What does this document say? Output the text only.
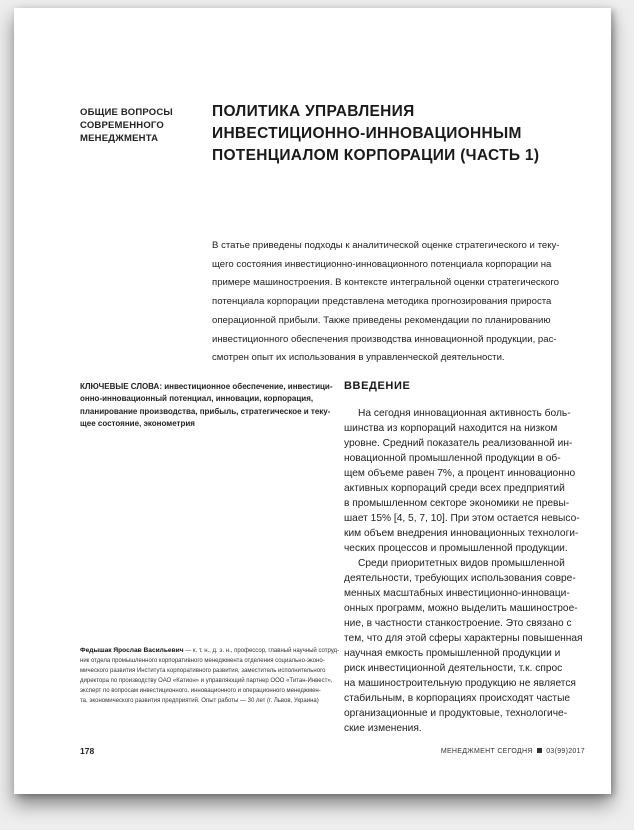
ОБЩИЕ ВОПРОСЫ
СОВРЕМЕННОГО
МЕНЕДЖМЕНТА
ПОЛИТИКА УПРАВЛЕНИЯ
ИНВЕСТИЦИОННО-ИННОВАЦИОННЫМ
ПОТЕНЦИАЛОМ КОРПОРАЦИИ (ЧАСТЬ 1)
В статье приведены подходы к аналитической оценке стратегического и теку-
щего состояния инвестиционно-инновационного потенциала корпорации на
примере машиностроения. В контексте интегральной оценки стратегического
потенциала корпорации представлена методика прогнозирования прироста
операционной прибыли. Также приведены рекомендации по планированию
инвестиционного обеспечения производства инновационной продукции, рас-
смотрен опыт их использования в управленческой деятельности.
КЛЮЧЕВЫЕ СЛОВА: инвестиционное обеспечение, инвестици-
онно-инновационный потенциал, инновации, корпорация,
планирование производства, прибыль, стратегическое и теку-
щее состояние, эконометрия
Федышак Ярослав Васильевич — к. т. н., д. э. н., профессор, главный научный сотруд-
ник отдела промышленного корпоративного менеджмента отделения социально-эконо-
мического развития Института корпоративного развития, заместитель исполнительного
директора по производству ОАО «Катион» и управляющий партнер ООО «Титан-Инвест»,
эксперт по вопросам инвестиционного, инновационного и операционного менеджмен-
та, экономического развития предприятий. Опыт работы — 30 лет (г. Львов, Украина)
ВВЕДЕНИЕ
На сегодня инновационная активность боль-
шинства из корпораций находится на низком
уровне. Средний показатель реализованной ин-
новационной промышленной продукции в об-
щем объеме равен 7%, а процент инновационно
активных корпораций среди всех предприятий
в промышленном секторе экономики не превы-
шает 15% [4, 5, 7, 10]. При этом остается невысо-
ким объем внедрения инновационных технологи-
ческих процессов и промышленной продукции.
Среди приоритетных видов промышленной
деятельности, требующих использования совре-
менных масштабных инвестиционно-инноваци-
онных программ, можно выделить машинострое-
ние, в частности станкостроение. Это связано с
тем, что для этой сферы характерны повышенная
научная емкость промышленной продукции и
риск инвестиционной деятельности, т.к. спрос
на машиностроительную продукцию не является
стабильным, в корпорациях происходят частые
организационные и продуктовые, технологиче-
ские изменения.
178	МЕНЕДЖМЕНТ СЕГОДНЯ 03(99)2017
